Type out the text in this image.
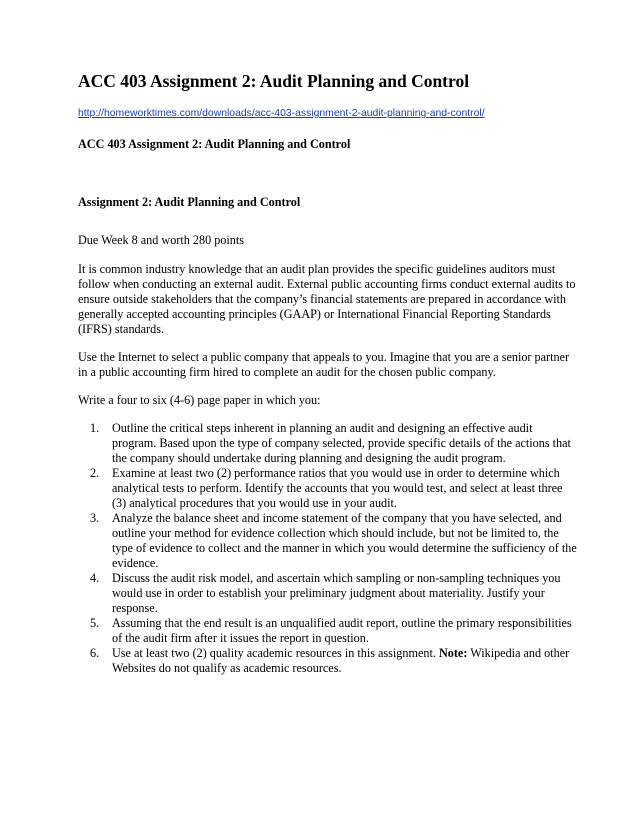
ACC 403 Assignment 2: Audit Planning and Control
http://homeworktimes.com/downloads/acc-403-assignment-2-audit-planning-and-control/

ACC 403 Assignment 2: Audit Planning and Control

Assignment 2: Audit Planning and Control

Due Week 8 and worth 280 points

It is common industry knowledge that an audit plan provides the specific guidelines auditors must follow when conducting an external audit. External public accounting firms conduct external audits to ensure outside stakeholders that the company’s financial statements are prepared in accordance with generally accepted accounting principles (GAAP) or International Financial Reporting Standards (IFRS) standards.

Use the Internet to select a public company that appeals to you. Imagine that you are a senior partner in a public accounting firm hired to complete an audit for the chosen public company.

Write a four to six (4-6) page paper in which you:

1. Outline the critical steps inherent in planning an audit and designing an effective audit program. Based upon the type of company selected, provide specific details of the actions that the company should undertake during planning and designing the audit program.
2. Examine at least two (2) performance ratios that you would use in order to determine which analytical tests to perform. Identify the accounts that you would test, and select at least three (3) analytical procedures that you would use in your audit.
3. Analyze the balance sheet and income statement of the company that you have selected, and outline your method for evidence collection which should include, but not be limited to, the type of evidence to collect and the manner in which you would determine the sufficiency of the evidence.
4. Discuss the audit risk model, and ascertain which sampling or non-sampling techniques you would use in order to establish your preliminary judgment about materiality. Justify your response.
5. Assuming that the end result is an unqualified audit report, outline the primary responsibilities of the audit firm after it issues the report in question.
6. Use at least two (2) quality academic resources in this assignment. Note: Wikipedia and other Websites do not qualify as academic resources.
